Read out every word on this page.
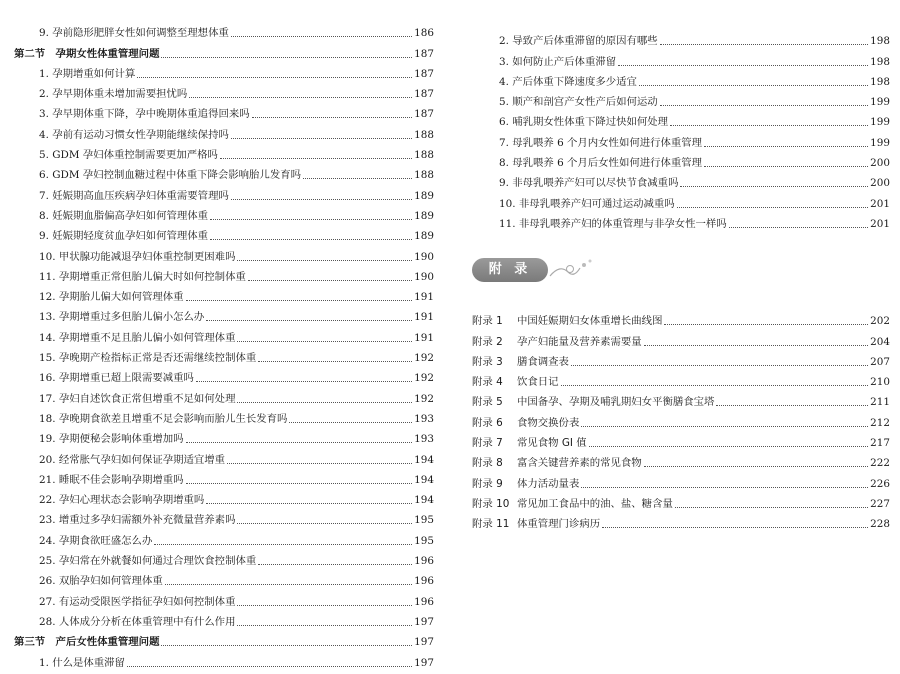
9. 孕前隐形肥胖女性如何调整至理想体重	186
第二节　孕期女性体重管理问题	187
1. 孕期增重如何计算	187
2. 孕早期体重未增加需要担忧吗	187
3. 孕早期体重下降，孕中晚期体重追得回来吗	187
4. 孕前有运动习惯女性孕期能继续保持吗	188
5. GDM 孕妇体重控制需要更加严格吗	188
6. GDM 孕妇控制血糖过程中体重下降会影响胎儿发育吗	188
7. 妊娠期高血压疾病孕妇体重需要管理吗	189
8. 妊娠期血脂偏高孕妇如何管理体重	189
9. 妊娠期轻度贫血孕妇如何管理体重	189
10. 甲状腺功能减退孕妇体重控制更困难吗	190
11. 孕期增重正常但胎儿偏大时如何控制体重	190
12. 孕期胎儿偏大如何管理体重	191
13. 孕期增重过多但胎儿偏小怎么办	191
14. 孕期增重不足且胎儿偏小如何管理体重	191
15. 孕晚期产检指标正常是否还需继续控制体重	192
16. 孕期增重已超上限需要减重吗	192
17. 孕妇自述饮食正常但增重不足如何处理	192
18. 孕晚期食欲差且增重不足会影响而胎儿生长发育吗	193
19. 孕期便秘会影响体重增加吗	193
20. 经常胀气孕妇如何保证孕期适宜增重	194
21. 睡眠不佳会影响孕期增重吗	194
22. 孕妇心理状态会影响孕期增重吗	194
23. 增重过多孕妇需额外补充微量营养素吗	195
24. 孕期食欲旺盛怎么办	195
25. 孕妇常在外就餐如何通过合理饮食控制体重	196
26. 双胎孕妇如何管理体重	196
27. 有运动受限医学指征孕妇如何控制体重	196
28. 人体成分分析在体重管理中有什么作用	197
第三节　产后女性体重管理问题	197
1. 什么是体重滞留	197
2. 导致产后体重滞留的原因有哪些	198
3. 如何防止产后体重滞留	198
4. 产后体重下降速度多少适宜	198
5. 顺产和剖宫产女性产后如何运动	199
6. 哺乳期女性体重下降过快如何处理	199
7. 母乳喂养 6 个月内女性如何进行体重管理	199
8. 母乳喂养 6 个月后女性如何进行体重管理	200
9. 非母乳喂养产妇可以尽快节食减重吗	200
10. 非母乳喂养产妇可通过运动减重吗	201
11. 非母乳喂养产妇的体重管理与非孕女性一样吗	201
附 录
附录 1 中国妊娠期妇女体重增长曲线图	202
附录 2 孕产妇能量及营养素需要量	204
附录 3 膳食调查表	207
附录 4 饮食日记	210
附录 5 中国备孕、孕期及哺乳期妇女平衡膳食宝塔	211
附录 6 食物交换份表	212
附录 7 常见食物 GI 值	217
附录 8 富含关键营养素的常见食物	222
附录 9 体力活动量表	226
附录 10 常见加工食品中的油、盐、糖含量	227
附录 11 体重管理门诊病历	228
